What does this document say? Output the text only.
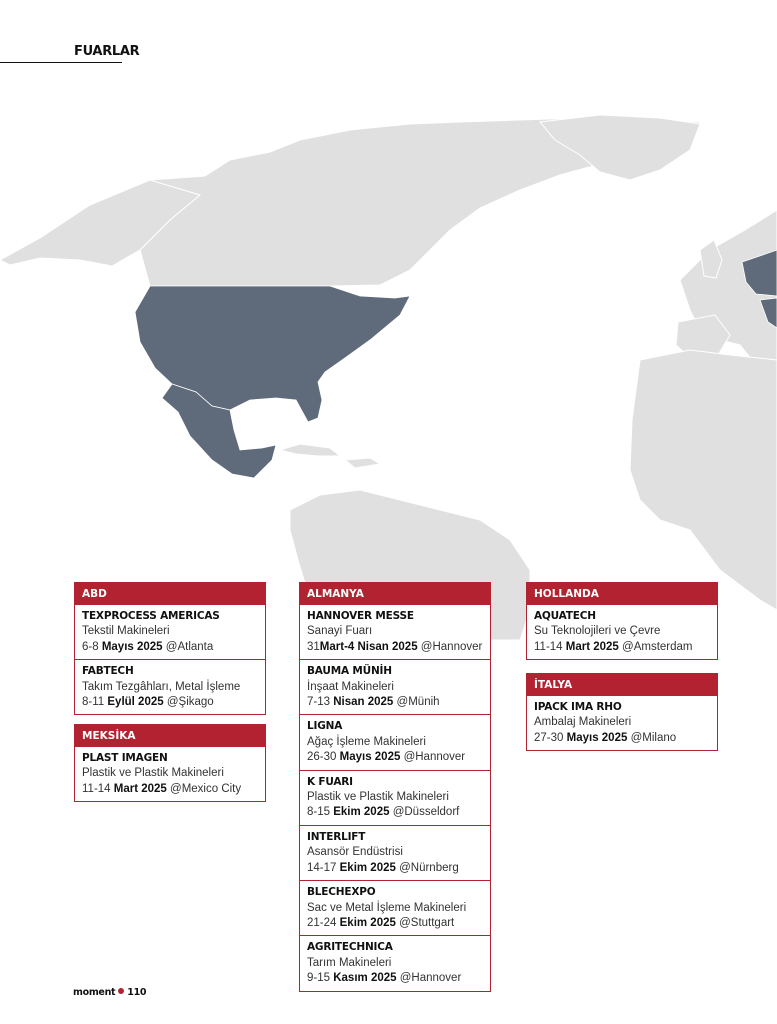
FUARLAR
ABD
TEXPROCESS AMERICAS
Tekstil Makineleri
6-8 Mayıs 2025 @Atlanta
FABTECH
Takım Tezgâhları, Metal İşleme
8-11 Eylül 2025 @Şikago
MEKSİKA
PLAST IMAGEN
Plastik ve Plastik Makineleri
11-14 Mart 2025 @Mexico City
ALMANYA
HANNOVER MESSE
Sanayi Fuarı
31Mart-4 Nisan 2025 @Hannover
BAUMA MÜNİH
İnşaat Makineleri
7-13 Nisan 2025 @Münih
LIGNA
Ağaç İşleme Makineleri
26-30 Mayıs 2025 @Hannover
K FUARI
Plastik ve Plastik Makineleri
8-15 Ekim 2025 @Düsseldorf
INTERLIFT
Asansör Endüstrisi
14-17 Ekim 2025 @Nürnberg
BLECHEXPO
Sac ve Metal İşleme Makineleri
21-24 Ekim 2025 @Stuttgart
AGRITECHNICA
Tarım Makineleri
9-15 Kasım 2025 @Hannover
HOLLANDA
AQUATECH
Su Teknolojileri ve Çevre
11-14 Mart 2025 @Amsterdam
İTALYA
IPACK IMA RHO
Ambalaj Makineleri
27-30 Mayıs 2025 @Milano
moment 110
